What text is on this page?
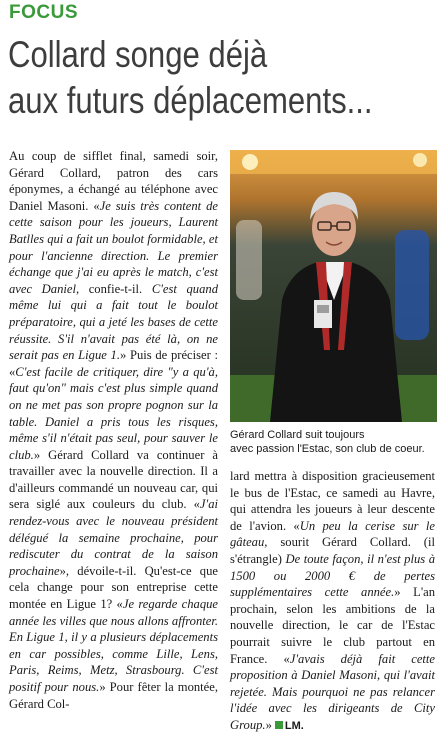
FOCUS
Collard songe déjà
aux futurs déplacements...

Au coup de sifflet final, samedi soir, Gérard Collard, patron des cars éponymes, a échangé au téléphone avec Daniel Masoni. «Je suis très content de cette saison pour les joueurs, Laurent Batlles qui a fait un boulot formidable, et pour l'ancienne direction. Le premier échange que j'ai eu après le match, c'est avec Daniel, confie-t-il. C'est quand même lui qui a fait tout le boulot préparatoire, qui a jeté les bases de cette réussite. S'il n'avait pas été là, on ne serait pas en Ligue 1.» Puis de préciser : «C'est facile de critiquer, dire "y a qu'à, faut qu'on" mais c'est plus simple quand on ne met pas son propre pognon sur la table. Daniel a pris tous les risques, même s'il n'était pas seul, pour sauver le club.» Gérard Collard va continuer à travailler avec la nouvelle direction. Il a d'ailleurs commandé un nouveau car, qui sera siglé aux couleurs du club. «J'ai rendez-vous avec le nouveau président délégué la semaine prochaine, pour rediscuter du contrat de la saison prochaine», dévoile-t-il. Qu'est-ce que cela change pour son entreprise cette montée en Ligue 1? «Je regarde chaque année les villes que nous allons affronter. En Ligue 1, il y a plusieurs déplacements en car possibles, comme Lille, Lens, Paris, Reims, Metz, Strasbourg. C'est positif pour nous.» Pour fêter la montée, Gérard Col-

Gérard Collard suit toujours
avec passion l'Estac, son club de coeur.

lard mettra à disposition gracieusement le bus de l'Estac, ce samedi au Havre, qui attendra les joueurs à leur descente de l'avion. «Un peu la cerise sur le gâteau, sourit Gérard Collard. (il s'étrangle) De toute façon, il n'est plus à 1500 ou 2000 € de pertes supplémentaires cette année.» L'an prochain, selon les ambitions de la nouvelle direction, le car de l'Estac pourrait suivre le club partout en France. «J'avais déjà fait cette proposition à Daniel Masoni, qui l'avait rejetée. Mais pourquoi ne pas relancer l'idée avec les dirigeants de City Group.» LM.
